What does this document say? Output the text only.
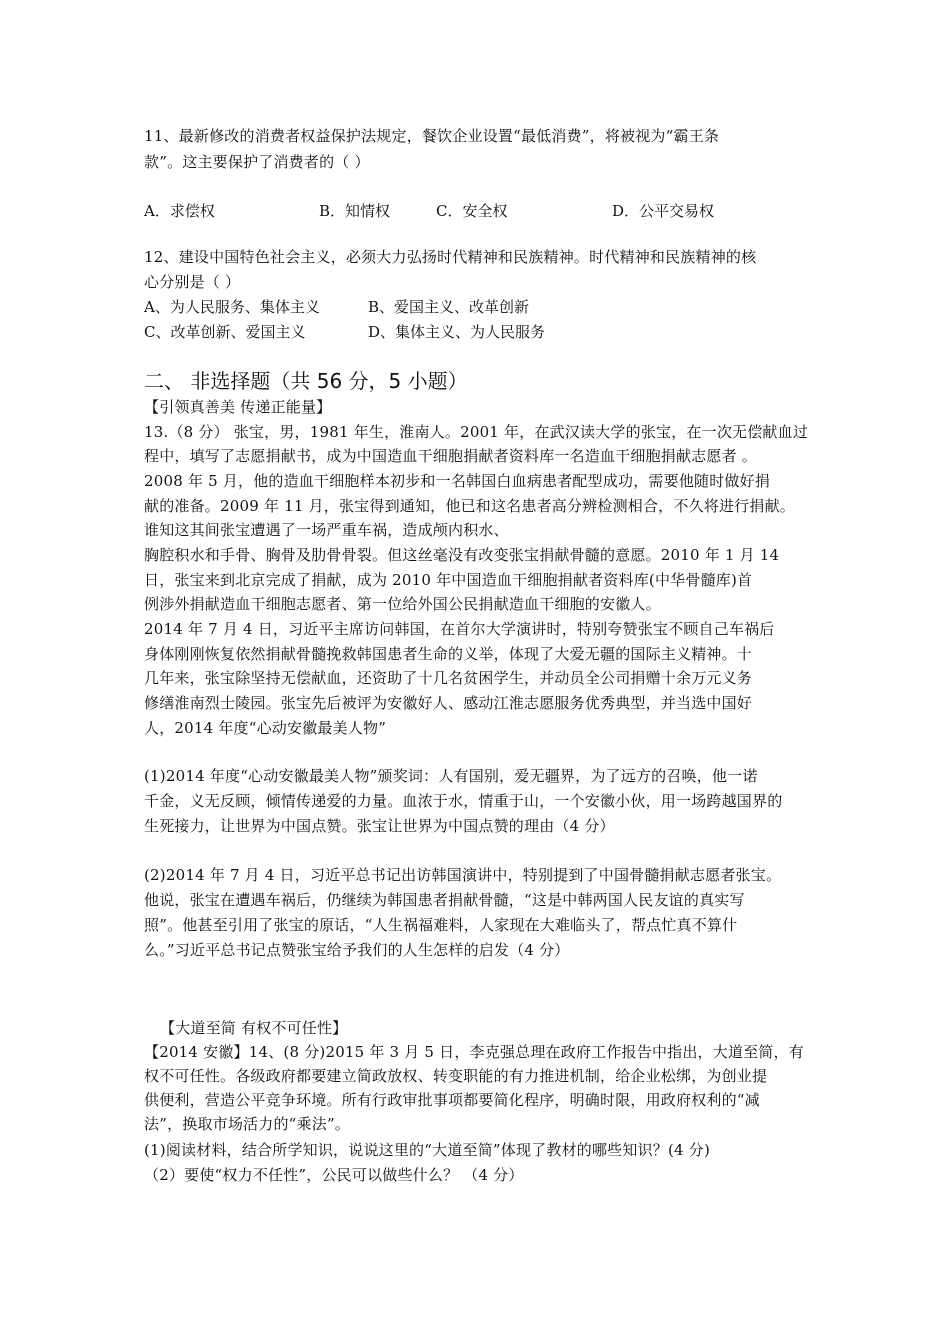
11、最新修改的消费者权益保护法规定，餐饮企业设置“最低消费”，将被视为“霸王条
款”。这主要保护了消费者的（ ）
A．求偿权	B．知情权	C．安全权	D．公平交易权
12、建设中国特色社会主义，必须大力弘扬时代精神和民族精神。时代精神和民族精神的核
心分别是（ ）
A、为人民服务、集体主义	B、爱国主义、改革创新
C、改革创新、爱国主义	D、集体主义、为人民服务
二、 非选择题（共 56 分，5 小题）
【引领真善美 传递正能量】
13.（8 分） 张宝，男，1981 年生，淮南人。2001 年，在武汉读大学的张宝，在一次无偿献血过
程中，填写了志愿捐献书，成为中国造血干细胞捐献者资料库一名造血干细胞捐献志愿者 。
2008 年 5 月，他的造血干细胞样本初步和一名韩国白血病患者配型成功，需要他随时做好捐
献的准备。2009 年 11 月，张宝得到通知，他已和这名患者高分辨检测相合，不久将进行捐献。
谁知这其间张宝遭遇了一场严重车祸，造成颅内积水、
胸腔积水和手骨、胸骨及肋骨骨裂。但这丝毫没有改变张宝捐献骨髓的意愿。2010 年 1 月 14
日，张宝来到北京完成了捐献，成为 2010 年中国造血干细胞捐献者资料库(中华骨髓库)首
例涉外捐献造血干细胞志愿者、第一位给外国公民捐献造血干细胞的安徽人。
2014 年 7 月 4 日，习近平主席访问韩国，在首尔大学演讲时，特别夸赞张宝不顾自己车祸后
身体刚刚恢复依然捐献骨髓挽救韩国患者生命的义举，体现了大爱无疆的国际主义精神。十
几年来，张宝除坚持无偿献血，还资助了十几名贫困学生，并动员全公司捐赠十余万元义务
修缮淮南烈士陵园。张宝先后被评为安徽好人、感动江淮志愿服务优秀典型，并当选中国好
人，2014 年度“心动安徽最美人物”
(1)2014 年度“心动安徽最美人物”颁奖词：人有国别，爱无疆界，为了远方的召唤，他一诺
千金，义无反顾，倾情传递爱的力量。血浓于水，情重于山，一个安徽小伙，用一场跨越国界的
生死接力，让世界为中国点赞。张宝让世界为中国点赞的理由（4 分）
(2)2014 年 7 月 4 日，习近平总书记出访韩国演讲中，特别提到了中国骨髓捐献志愿者张宝。
他说，张宝在遭遇车祸后，仍继续为韩国患者捐献骨髓，“这是中韩两国人民友谊的真实写
照”。他甚至引用了张宝的原话，“人生祸福难料，人家现在大难临头了，帮点忙真不算什
么。”习近平总书记点赞张宝给予我们的人生怎样的启发（4 分）
【大道至简 有权不可任性】
【2014 安徽】14、(8 分)2015 年 3 月 5 日，李克强总理在政府工作报告中指出，大道至简，有
权不可任性。各级政府都要建立简政放权、转变职能的有力推进机制，给企业松绑，为创业提
供便利，营造公平竞争环境。所有行政审批事项都要简化程序，明确时限，用政府权利的“减
法”，换取市场活力的“乘法”。
(1)阅读材料，结合所学知识，说说这里的“大道至简”体现了教材的哪些知识？(4 分)
（2）要使“权力不任性”，公民可以做些什么？ （4 分）
